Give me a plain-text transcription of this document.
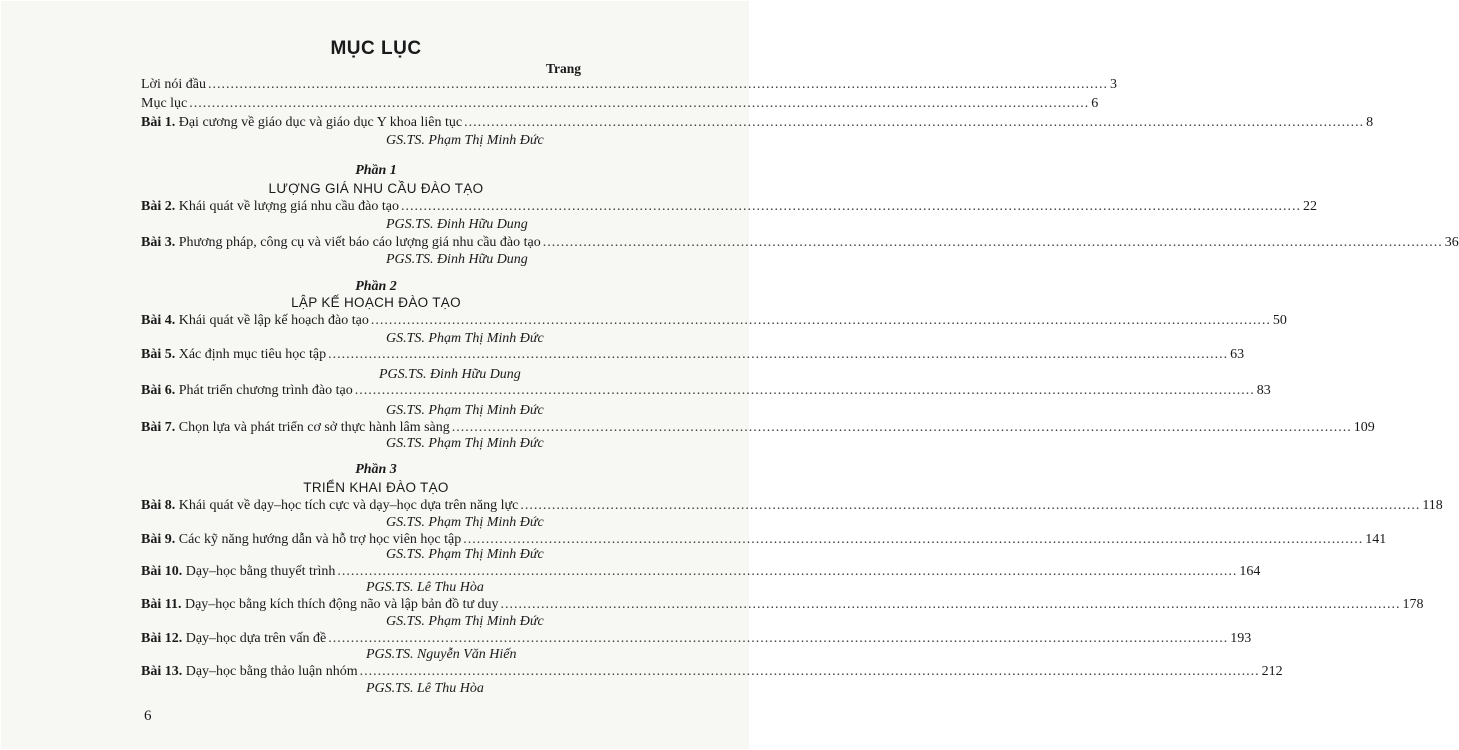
MỤC LỤC
Trang
Lời nói đầu ........................................................................................................................................................................................................ 3
Mục lục ........................................................................................................................................................................................................ 6
Bài 1. Đại cương về giáo dục và giáo dục Y khoa liên tục ........................................................................................................................................................................................................ 8
GS.TS. Phạm Thị Minh Đức
Phần 1
LƯỢNG GIÁ NHU CẦU ĐÀO TẠO
Bài 2. Khái quát về lượng giá nhu cầu đào tạo ........................................................................................................................................................................................................ 22
PGS.TS. Đinh Hữu Dung
Bài 3. Phương pháp, công cụ và viết báo cáo lượng giá nhu cầu đào tạo ........................................................................................................................................................................................................ 36
PGS.TS. Đinh Hữu Dung
Phần 2
LẬP KẾ HOẠCH ĐÀO TẠO
Bài 4. Khái quát về lập kế hoạch đào tạo ........................................................................................................................................................................................................ 50
GS.TS. Phạm Thị Minh Đức
Bài 5. Xác định mục tiêu học tập ........................................................................................................................................................................................................ 63
PGS.TS. Đinh Hữu Dung
Bài 6. Phát triển chương trình đào tạo ........................................................................................................................................................................................................ 83
GS.TS. Phạm Thị Minh Đức
Bài 7. Chọn lựa và phát triển cơ sở thực hành lâm sàng ........................................................................................................................................................................................................ 109
GS.TS. Phạm Thị Minh Đức
Phần 3
TRIỂN KHAI ĐÀO TẠO
Bài 8. Khái quát về dạy–học tích cực và dạy–học dựa trên năng lực ........................................................................................................................................................................................................ 118
GS.TS. Phạm Thị Minh Đức
Bài 9. Các kỹ năng hướng dẫn và hỗ trợ học viên học tập ........................................................................................................................................................................................................ 141
GS.TS. Phạm Thị Minh Đức
Bài 10. Dạy–học bằng thuyết trình ........................................................................................................................................................................................................ 164
PGS.TS. Lê Thu Hòa
Bài 11. Dạy–học bằng kích thích động não và lập bản đồ tư duy ........................................................................................................................................................................................................ 178
GS.TS. Phạm Thị Minh Đức
Bài 12. Dạy–học dựa trên vấn đề ........................................................................................................................................................................................................ 193
PGS.TS. Nguyễn Văn Hiến
Bài 13. Dạy–học bằng thảo luận nhóm ........................................................................................................................................................................................................ 212
PGS.TS. Lê Thu Hòa
6
